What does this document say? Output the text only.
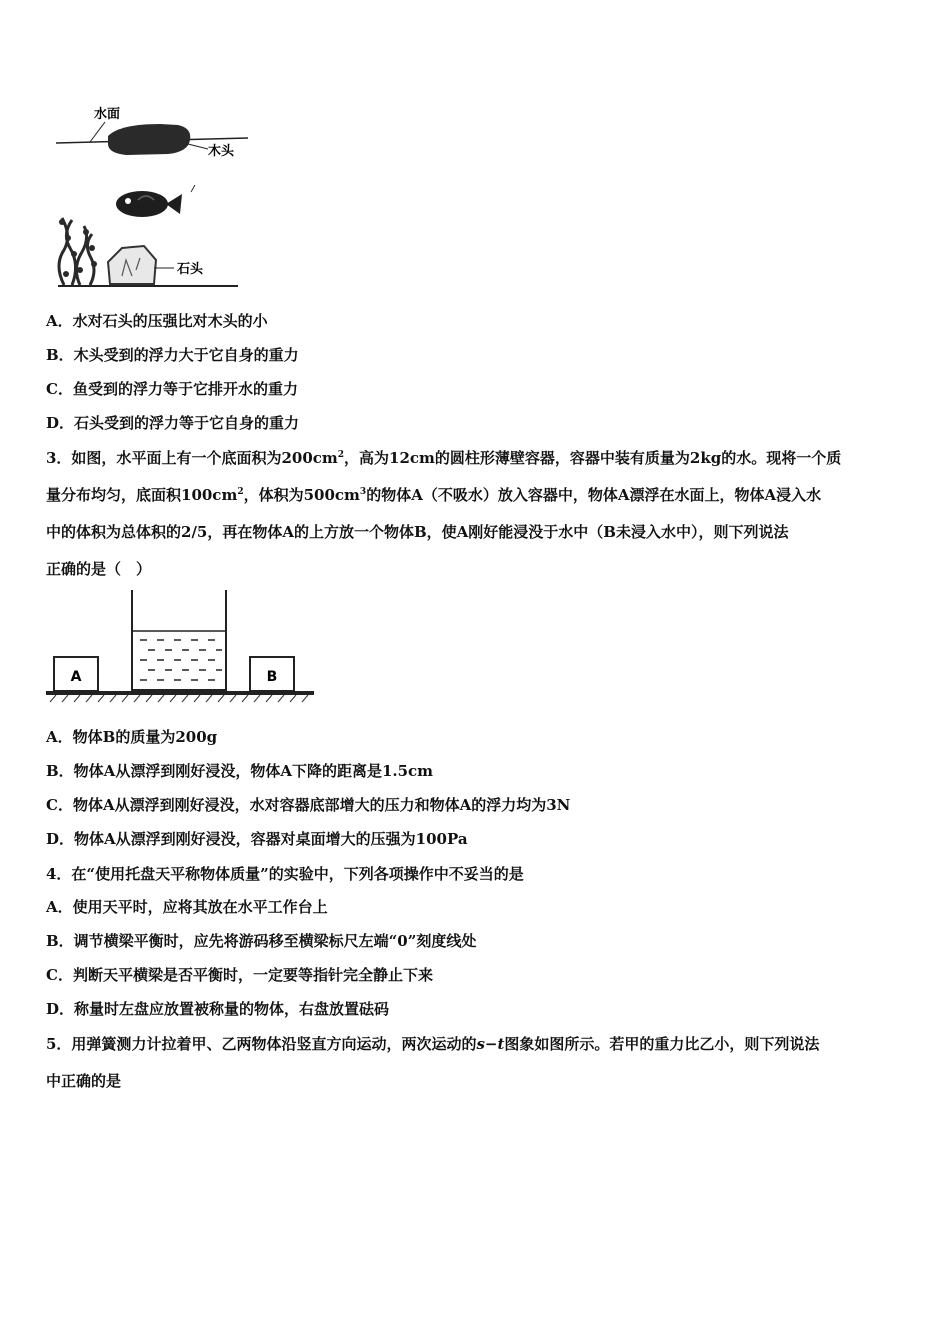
水面
木头
石头
A．水对石头的压强比对木头的小
B．木头受到的浮力大于它自身的重力
C．鱼受到的浮力等于它排开水的重力
D．石头受到的浮力等于它自身的重力
3．如图，水平面上有一个底面积为$200cm^2$，高为12cm的圆柱形薄壁容器，容器中装有质量为2kg的水。现将一个质
量分布均匀，底面积$100cm^2$，体积为$500cm^3$的物体A（不吸水）放入容器中，物体A漂浮在水面上，物体A浸入水
中的体积为总体积的2/5，再在物体A的上方放一个物体B，使A刚好能浸没于水中（B未浸入水中），则下列说法
正确的是（　）
A	B
A．物体B的质量为200g
B．物体A从漂浮到刚好浸没，物体A下降的距离是1.5cm
C．物体A从漂浮到刚好浸没，水对容器底部增大的压力和物体A的浮力均为3N
D．物体A从漂浮到刚好浸没，容器对桌面增大的压强为100Pa
4．在“使用托盘天平称物体质量”的实验中，下列各项操作中不妥当的是
A．使用天平时，应将其放在水平工作台上
B．调节横梁平衡时，应先将游码移至横梁标尺左端“0”刻度线处
C．判断天平横梁是否平衡时，一定要等指针完全静止下来
D．称量时左盘应放置被称量的物体，右盘放置砝码
5．用弹簧测力计拉着甲、乙两物体沿竖直方向运动，两次运动的s−t图象如图所示。若甲的重力比乙小，则下列说法
中正确的是
